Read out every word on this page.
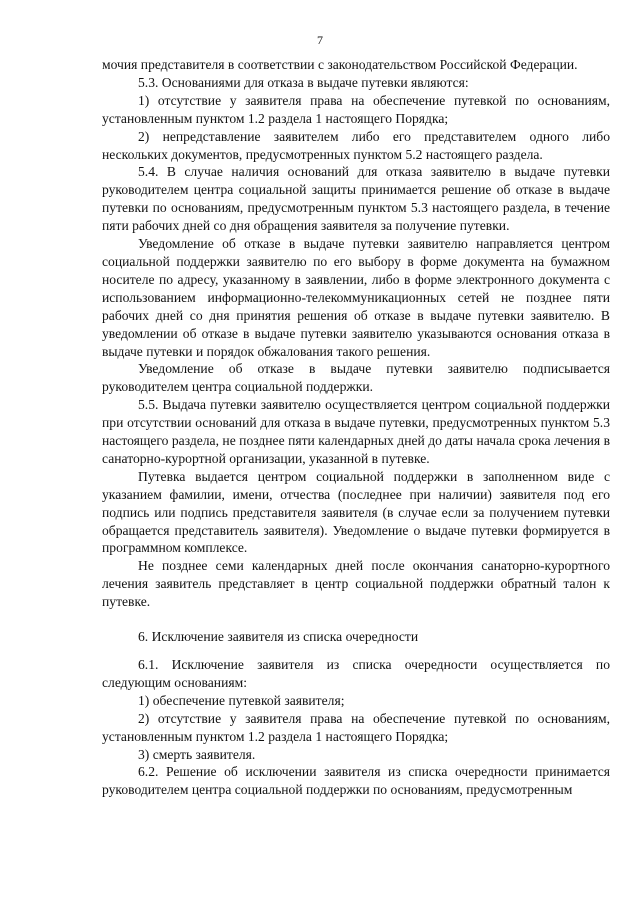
7

мочия представителя в соответствии с законодательством Российской Федерации.

5.3. Основаниями для отказа в выдаче путевки являются:

1) отсутствие у заявителя права на обеспечение путевкой по основаниям, установленным пунктом 1.2 раздела 1 настоящего Порядка;

2) непредставление заявителем либо его представителем одного либо нескольких документов, предусмотренных пунктом 5.2 настоящего раздела.

5.4. В случае наличия оснований для отказа заявителю в выдаче путевки руководителем центра социальной защиты принимается решение об отказе в выдаче путевки по основаниям, предусмотренным пунктом 5.3 настоящего раздела, в течение пяти рабочих дней со дня обращения заявителя за получение путевки.

Уведомление об отказе в выдаче путевки заявителю направляется центром социальной поддержки заявителю по его выбору в форме документа на бумажном носителе по адресу, указанному в заявлении, либо в форме электронного документа с использованием информационно-телекоммуникационных сетей не позднее пяти рабочих дней со дня принятия решения об отказе в выдаче путевки заявителю. В уведомлении об отказе в выдаче путевки заявителю указываются основания отказа в выдаче путевки и порядок обжалования такого решения.

Уведомление об отказе в выдаче путевки заявителю подписывается руководителем центра социальной поддержки.

5.5. Выдача путевки заявителю осуществляется центром социальной поддержки при отсутствии оснований для отказа в выдаче путевки, предусмотренных пунктом 5.3 настоящего раздела, не позднее пяти календарных дней до даты начала срока лечения в санаторно-курортной организации, указанной в путевке.

Путевка выдается центром социальной поддержки в заполненном виде с указанием фамилии, имени, отчества (последнее при наличии) заявителя под его подпись или подпись представителя заявителя (в случае если за получением путевки обращается представитель заявителя). Уведомление о выдаче путевки формируется в программном комплексе.

Не позднее семи календарных дней после окончания санаторно-курортного лечения заявитель представляет в центр социальной поддержки обратный талон к путевке.

6. Исключение заявителя из списка очередности

6.1. Исключение заявителя из списка очередности осуществляется по следующим основаниям:

1) обеспечение путевкой заявителя;

2) отсутствие у заявителя права на обеспечение путевкой по основаниям, установленным пунктом 1.2 раздела 1 настоящего Порядка;

3) смерть заявителя.

6.2. Решение об исключении заявителя из списка очередности принимается руководителем центра социальной поддержки по основаниям, предусмотренным
